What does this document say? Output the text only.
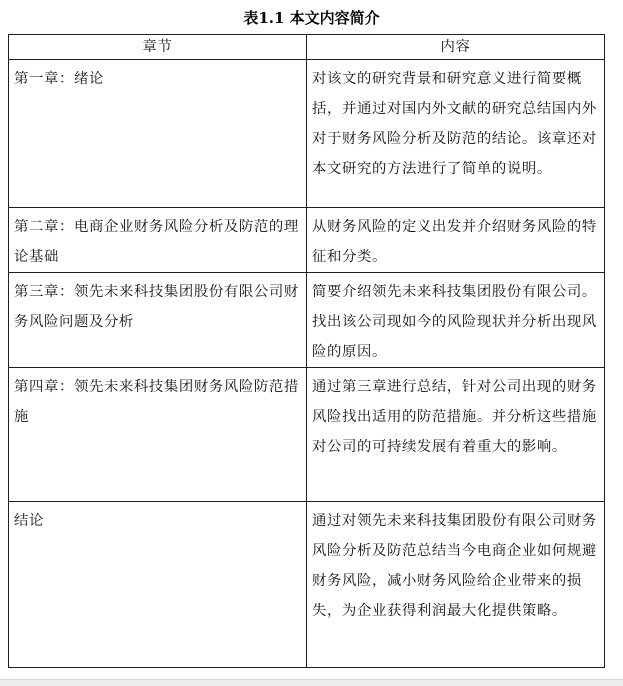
表1.1 本文内容简介
章节	内容
第一章：绪论	对该文的研究背景和研究意义进行简要概括，并通过对国内外文献的研究总结国内外对于财务风险分析及防范的结论。该章还对本文研究的方法进行了简单的说明。
第二章：电商企业财务风险分析及防范的理论基础	从财务风险的定义出发并介绍财务风险的特征和分类。
第三章：领先未来科技集团股份有限公司财务风险问题及分析	简要介绍领先未来科技集团股份有限公司。找出该公司现如今的风险现状并分析出现风险的原因。
第四章：领先未来科技集团财务风险防范措施	通过第三章进行总结，针对公司出现的财务风险找出适用的防范措施。并分析这些措施对公司的可持续发展有着重大的影响。
结论	通过对领先未来科技集团股份有限公司财务风险分析及防范总结当今电商企业如何规避财务风险，减小财务风险给企业带来的损失，为企业获得利润最大化提供策略。
